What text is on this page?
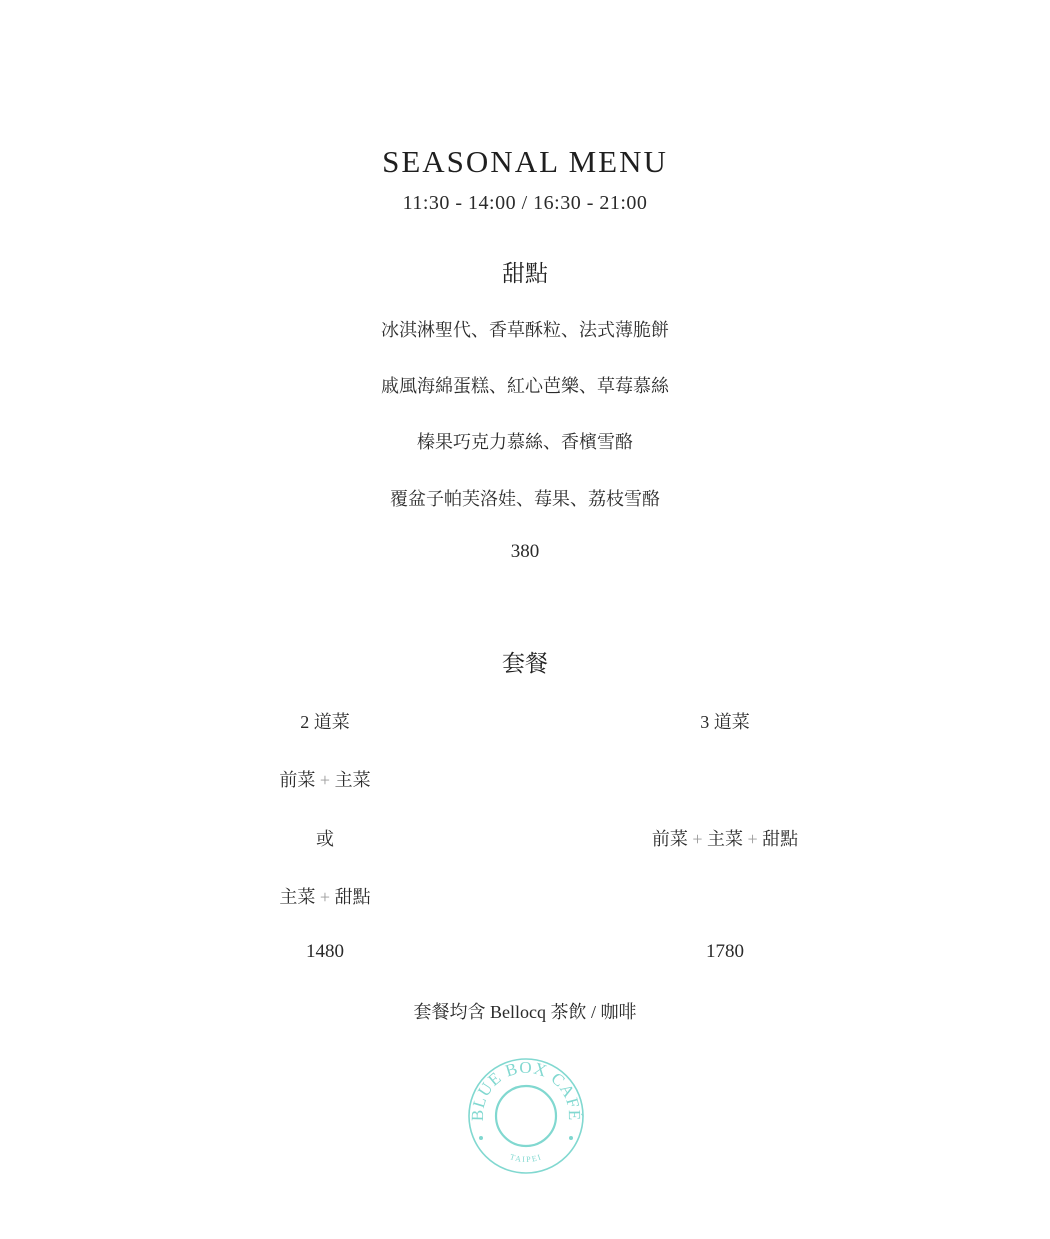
SEASONAL MENU
11:30 - 14:00 / 16:30 - 21:00
甜點
冰淇淋聖代、香草酥粒、法式薄脆餅
戚風海綿蛋糕、紅心芭樂、草莓慕絲
榛果巧克力慕絲、香檳雪酪
覆盆子帕芙洛娃、莓果、荔枝雪酪
380
套餐
2 道菜
前菜 + 主菜
或
主菜 + 甜點
1480
3 道菜
前菜 + 主菜 + 甜點
1780
套餐均含 Bellocq 茶飲 / 咖啡
BLUE BOX CAFÉ
TAIPEI
